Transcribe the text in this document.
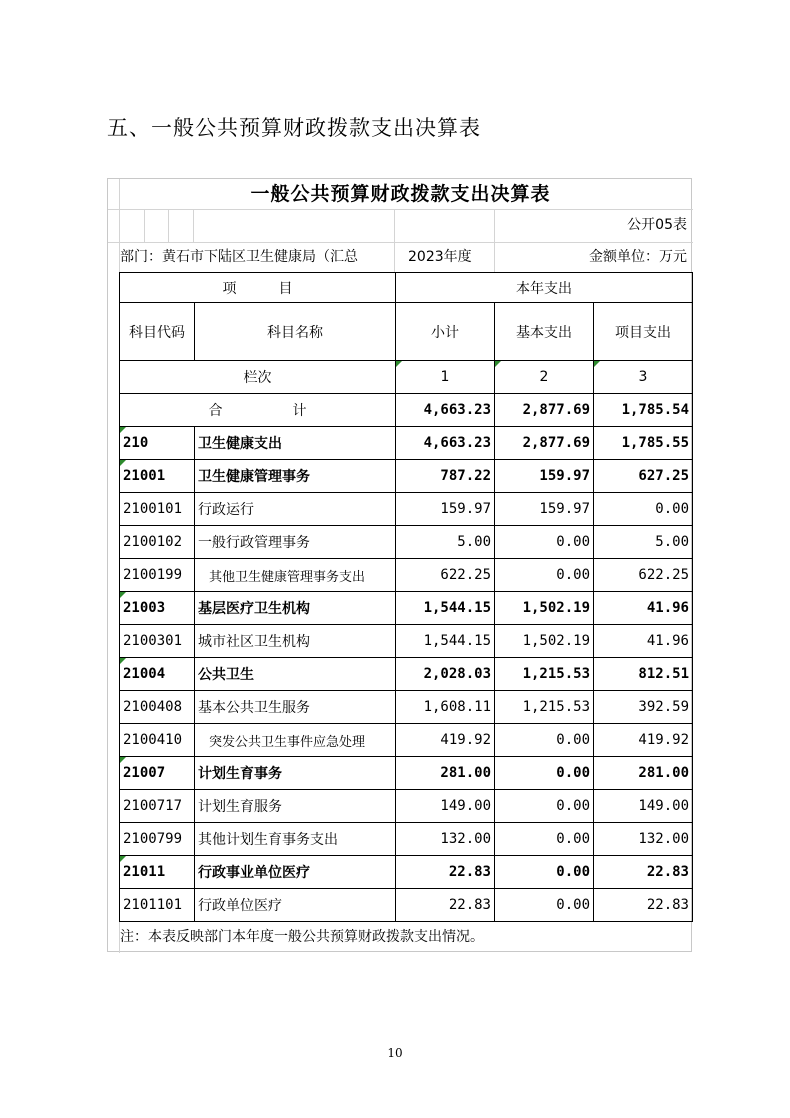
五、一般公共预算财政拨款支出决算表
一般公共预算财政拨款支出决算表
公开05表
部门：黄石市下陆区卫生健康局（汇总	2023年度	金额单位：万元
项　　　目		本年支出		
科目代码	科目名称	小计	基本支出	项目支出
栏次		1	2	3
合　　　　　计		4,663.23	2,877.69	1,785.54

210	卫生健康支出	4,663.23	2,877.69	1,785.55

21001	卫生健康管理事务	787.22	159.97	627.25
2100101	行政运行	159.97	159.97	0.00
2100102	一般行政管理事务	5.00	0.00	5.00
2100199	其他卫生健康管理事务支出	622.25	0.00	622.25

21003	基层医疗卫生机构	1,544.15	1,502.19	41.96
2100301	城市社区卫生机构	1,544.15	1,502.19	41.96

21004	公共卫生	2,028.03	1,215.53	812.51
2100408	基本公共卫生服务	1,608.11	1,215.53	392.59
2100410	突发公共卫生事件应急处理	419.92	0.00	419.92

21007	计划生育事务	281.00	0.00	281.00
2100717	计划生育服务	149.00	0.00	149.00
2100799	其他计划生育事务支出	132.00	0.00	132.00

21011	行政事业单位医疗	22.83	0.00	22.83
2101101	行政单位医疗	22.83	0.00	22.83
注：本表反映部门本年度一般公共预算财政拨款支出情况。
10
